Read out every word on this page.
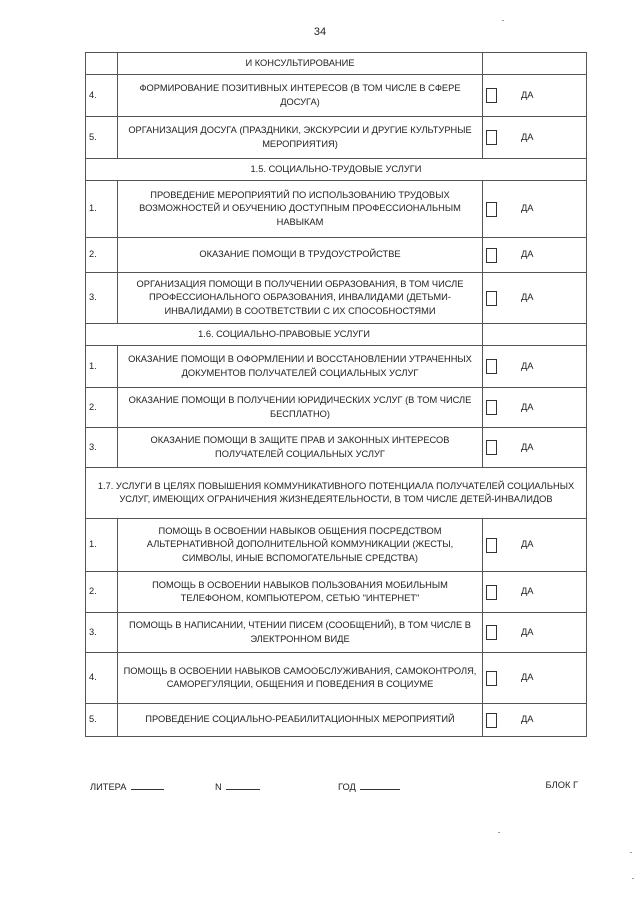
34
	И КОНСУЛЬТИРОВАНИЕ	
4.	ФОРМИРОВАНИЕ ПОЗИТИВНЫХ ИНТЕРЕСОВ (В ТОМ ЧИСЛЕ В СФЕРЕ ДОСУГА)	ДА

5.	ОРГАНИЗАЦИЯ ДОСУГА (ПРАЗДНИКИ, ЭКСКУРСИИ И ДРУГИЕ КУЛЬТУРНЫЕ МЕРОПРИЯТИЯ)	ДА

1.5. СОЦИАЛЬНО-ТРУДОВЫЕ УСЛУГИ		
1.	ПРОВЕДЕНИЕ МЕРОПРИЯТИЙ ПО ИСПОЛЬЗОВАНИЮ ТРУДОВЫХ ВОЗМОЖНОСТЕЙ И ОБУЧЕНИЮ ДОСТУПНЫМ ПРОФЕССИОНАЛЬНЫМ НАВЫКАМ	ДА

2.	ОКАЗАНИЕ ПОМОЩИ В ТРУДОУСТРОЙСТВЕ	ДА

3.	ОРГАНИЗАЦИЯ ПОМОЩИ В ПОЛУЧЕНИИ ОБРАЗОВАНИЯ, В ТОМ ЧИСЛЕ ПРОФЕССИОНАЛЬНОГО ОБРАЗОВАНИЯ, ИНВАЛИДАМИ (ДЕТЬМИ-ИНВАЛИДАМИ) В СООТВЕТСТВИИ С ИХ СПОСОБНОСТЯМИ	ДА

1.6. СОЦИАЛЬНО-ПРАВОВЫЕ УСЛУГИ		
1.	ОКАЗАНИЕ ПОМОЩИ В ОФОРМЛЕНИИ И ВОССТАНОВЛЕНИИ УТРАЧЕННЫХ ДОКУМЕНТОВ ПОЛУЧАТЕЛЕЙ СОЦИАЛЬНЫХ УСЛУГ	ДА

2.	ОКАЗАНИЕ ПОМОЩИ В ПОЛУЧЕНИИ ЮРИДИЧЕСКИХ УСЛУГ (В ТОМ ЧИСЛЕ БЕСПЛАТНО)	ДА

3.	ОКАЗАНИЕ ПОМОЩИ В ЗАЩИТЕ ПРАВ И ЗАКОННЫХ ИНТЕРЕСОВ ПОЛУЧАТЕЛЕЙ СОЦИАЛЬНЫХ УСЛУГ	ДА

1.7. УСЛУГИ В ЦЕЛЯХ ПОВЫШЕНИЯ КОММУНИКАТИВНОГО ПОТЕНЦИАЛА ПОЛУЧАТЕЛЕЙ СОЦИАЛЬНЫХ УСЛУГ, ИМЕЮЩИХ ОГРАНИЧЕНИЯ ЖИЗНЕДЕЯТЕЛЬНОСТИ, В ТОМ ЧИСЛЕ ДЕТЕЙ-ИНВАЛИДОВ		
1.	ПОМОЩЬ В ОСВОЕНИИ НАВЫКОВ ОБЩЕНИЯ ПОСРЕДСТВОМ АЛЬТЕРНАТИВНОЙ ДОПОЛНИТЕЛЬНОЙ КОММУНИКАЦИИ (ЖЕСТЫ, СИМВОЛЫ, ИНЫЕ ВСПОМОГАТЕЛЬНЫЕ СРЕДСТВА)	ДА

2.	ПОМОЩЬ В ОСВОЕНИИ НАВЫКОВ ПОЛЬЗОВАНИЯ МОБИЛЬНЫМ ТЕЛЕФОНОМ, КОМПЬЮТЕРОМ, СЕТЬЮ "ИНТЕРНЕТ"	ДА

3.	ПОМОЩЬ В НАПИСАНИИ, ЧТЕНИИ ПИСЕМ (СООБЩЕНИЙ), В ТОМ ЧИСЛЕ В ЭЛЕКТРОННОМ ВИДЕ	ДА

4.	ПОМОЩЬ В ОСВОЕНИИ НАВЫКОВ САМООБСЛУЖИВАНИЯ, САМОКОНТРОЛЯ, САМОРЕГУЛЯЦИИ, ОБЩЕНИЯ И ПОВЕДЕНИЯ В СОЦИУМЕ	ДА

5.	ПРОВЕДЕНИЕ СОЦИАЛЬНО-РЕАБИЛИТАЦИОННЫХ МЕРОПРИЯТИЙ	ДА
ЛИТЕРА	N	ГОД	БЛОК Г
